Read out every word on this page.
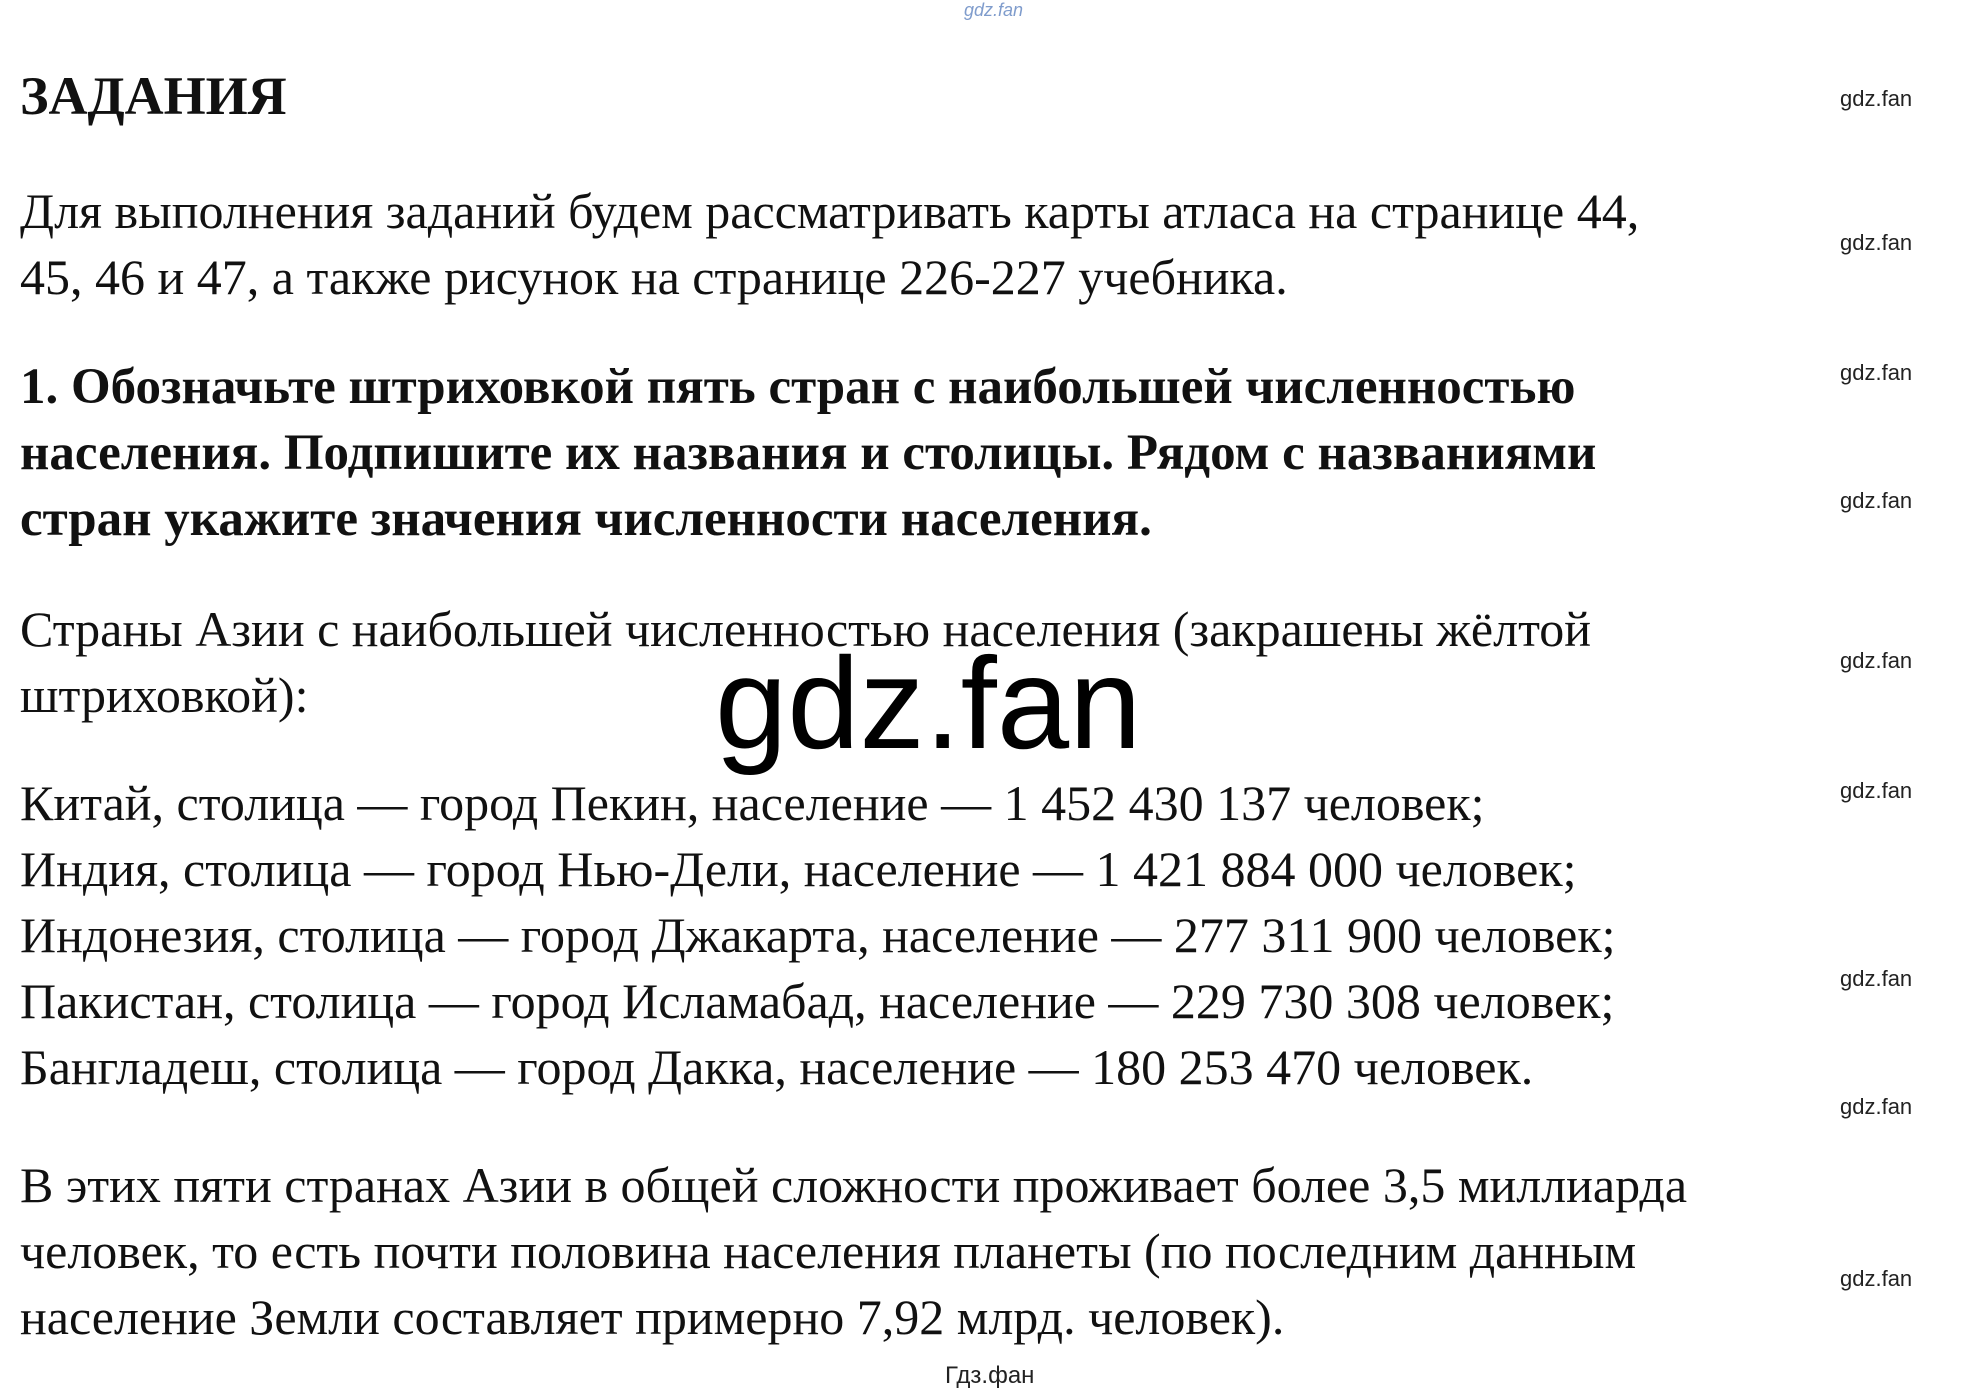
gdz.fan
ЗАДАНИЯ
Для выполнения заданий будем рассматривать карты атласа на странице 44,
45, 46 и 47, а также рисунок на странице 226-227 учебника.
1. Обозначьте штриховкой пять стран с наибольшей численностью
населения. Подпишите их названия и столицы. Рядом с названиями
стран укажите значения численности населения.
Страны Азии с наибольшей численностью населения (закрашены жёлтой
штриховкой):
Китай, столица — город Пекин, население — 1 452 430 137 человек;
Индия, столица — город Нью-Дели, население — 1 421 884 000 человек;
Индонезия, столица — город Джакарта, население — 277 311 900 человек;
Пакистан, столица — город Исламабад, население — 229 730 308 человек;
Бангладеш, столица — город Дакка, население — 180 253 470 человек.
В этих пяти странах Азии в общей сложности проживает более 3,5 миллиарда
человек, то есть почти половина населения планеты (по последним данным
население Земли составляет примерно 7,92 млрд. человек).
gdz.fan
gdz.fan
gdz.fan
gdz.fan
gdz.fan
gdz.fan
gdz.fan
gdz.fan
gdz.fan
gdz.fan
Гдз.фан
